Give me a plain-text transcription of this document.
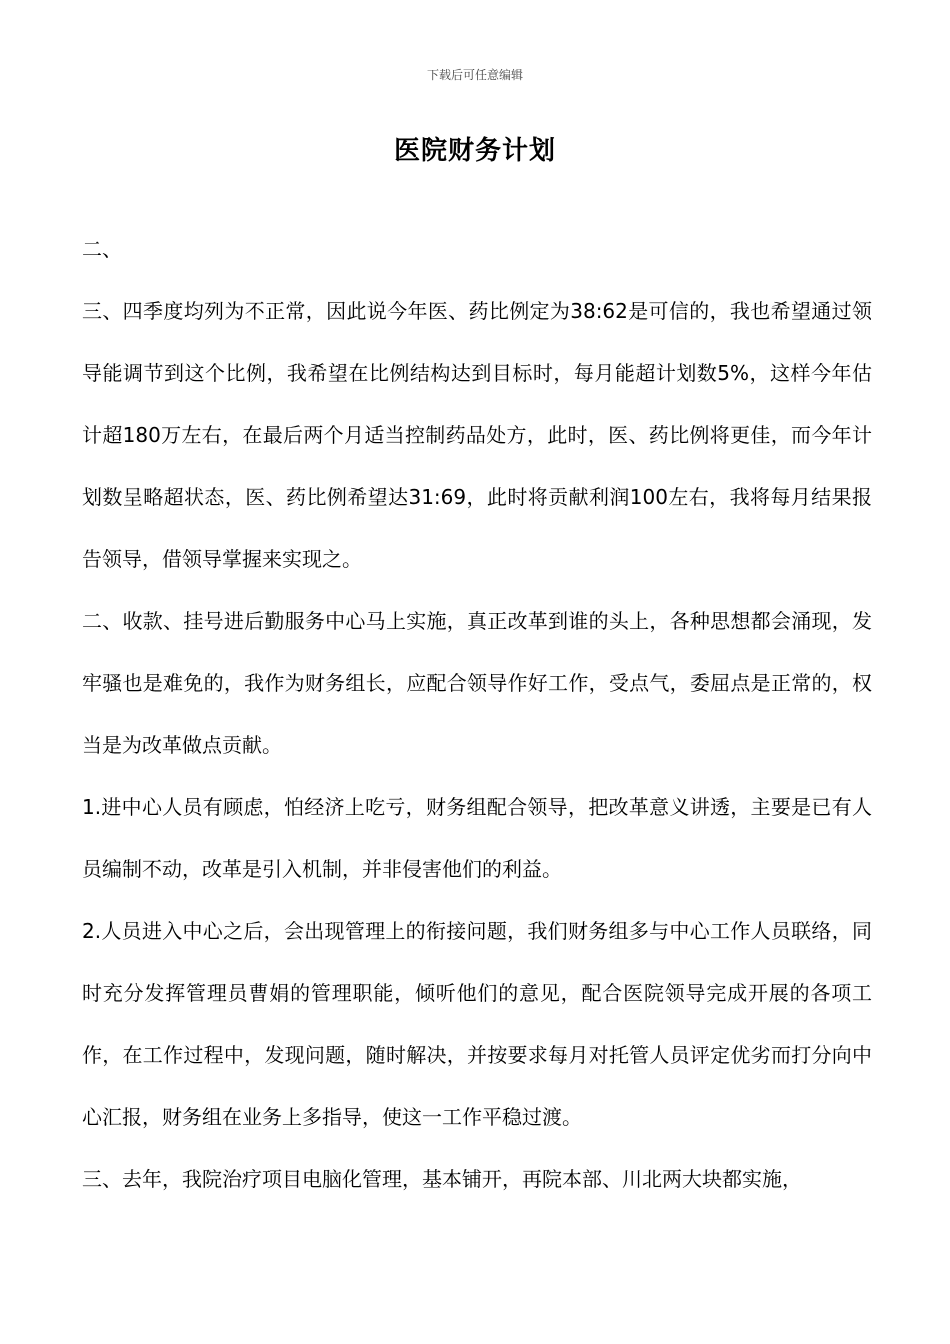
下载后可任意编辑
医院财务计划

二、

三、四季度均列为不正常，因此说今年医、药比例定为38:62是可信的，我也希望通过领导能调节到这个比例，我希望在比例结构达到目标时，每月能超计划数5%，这样今年估计超180万左右，在最后两个月适当控制药品处方，此时，医、药比例将更佳，而今年计划数呈略超状态，医、药比例希望达31:69，此时将贡献利润100左右，我将每月结果报告领导，借领导掌握来实现之。

二、收款、挂号进后勤服务中心马上实施，真正改革到谁的头上，各种思想都会涌现，发牢骚也是难免的，我作为财务组长，应配合领导作好工作，受点气，委屈点是正常的，权当是为改革做点贡献。

1.进中心人员有顾虑，怕经济上吃亏，财务组配合领导，把改革意义讲透，主要是已有人员编制不动，改革是引入机制，并非侵害他们的利益。

2.人员进入中心之后，会出现管理上的衔接问题，我们财务组多与中心工作人员联络，同时充分发挥管理员曹娟的管理职能，倾听他们的意见，配合医院领导完成开展的各项工作，在工作过程中，发现问题，随时解决，并按要求每月对托管人员评定优劣而打分向中心汇报，财务组在业务上多指导，使这一工作平稳过渡。

三、去年，我院治疗项目电脑化管理，基本铺开，再院本部、川北两大块都实施，
